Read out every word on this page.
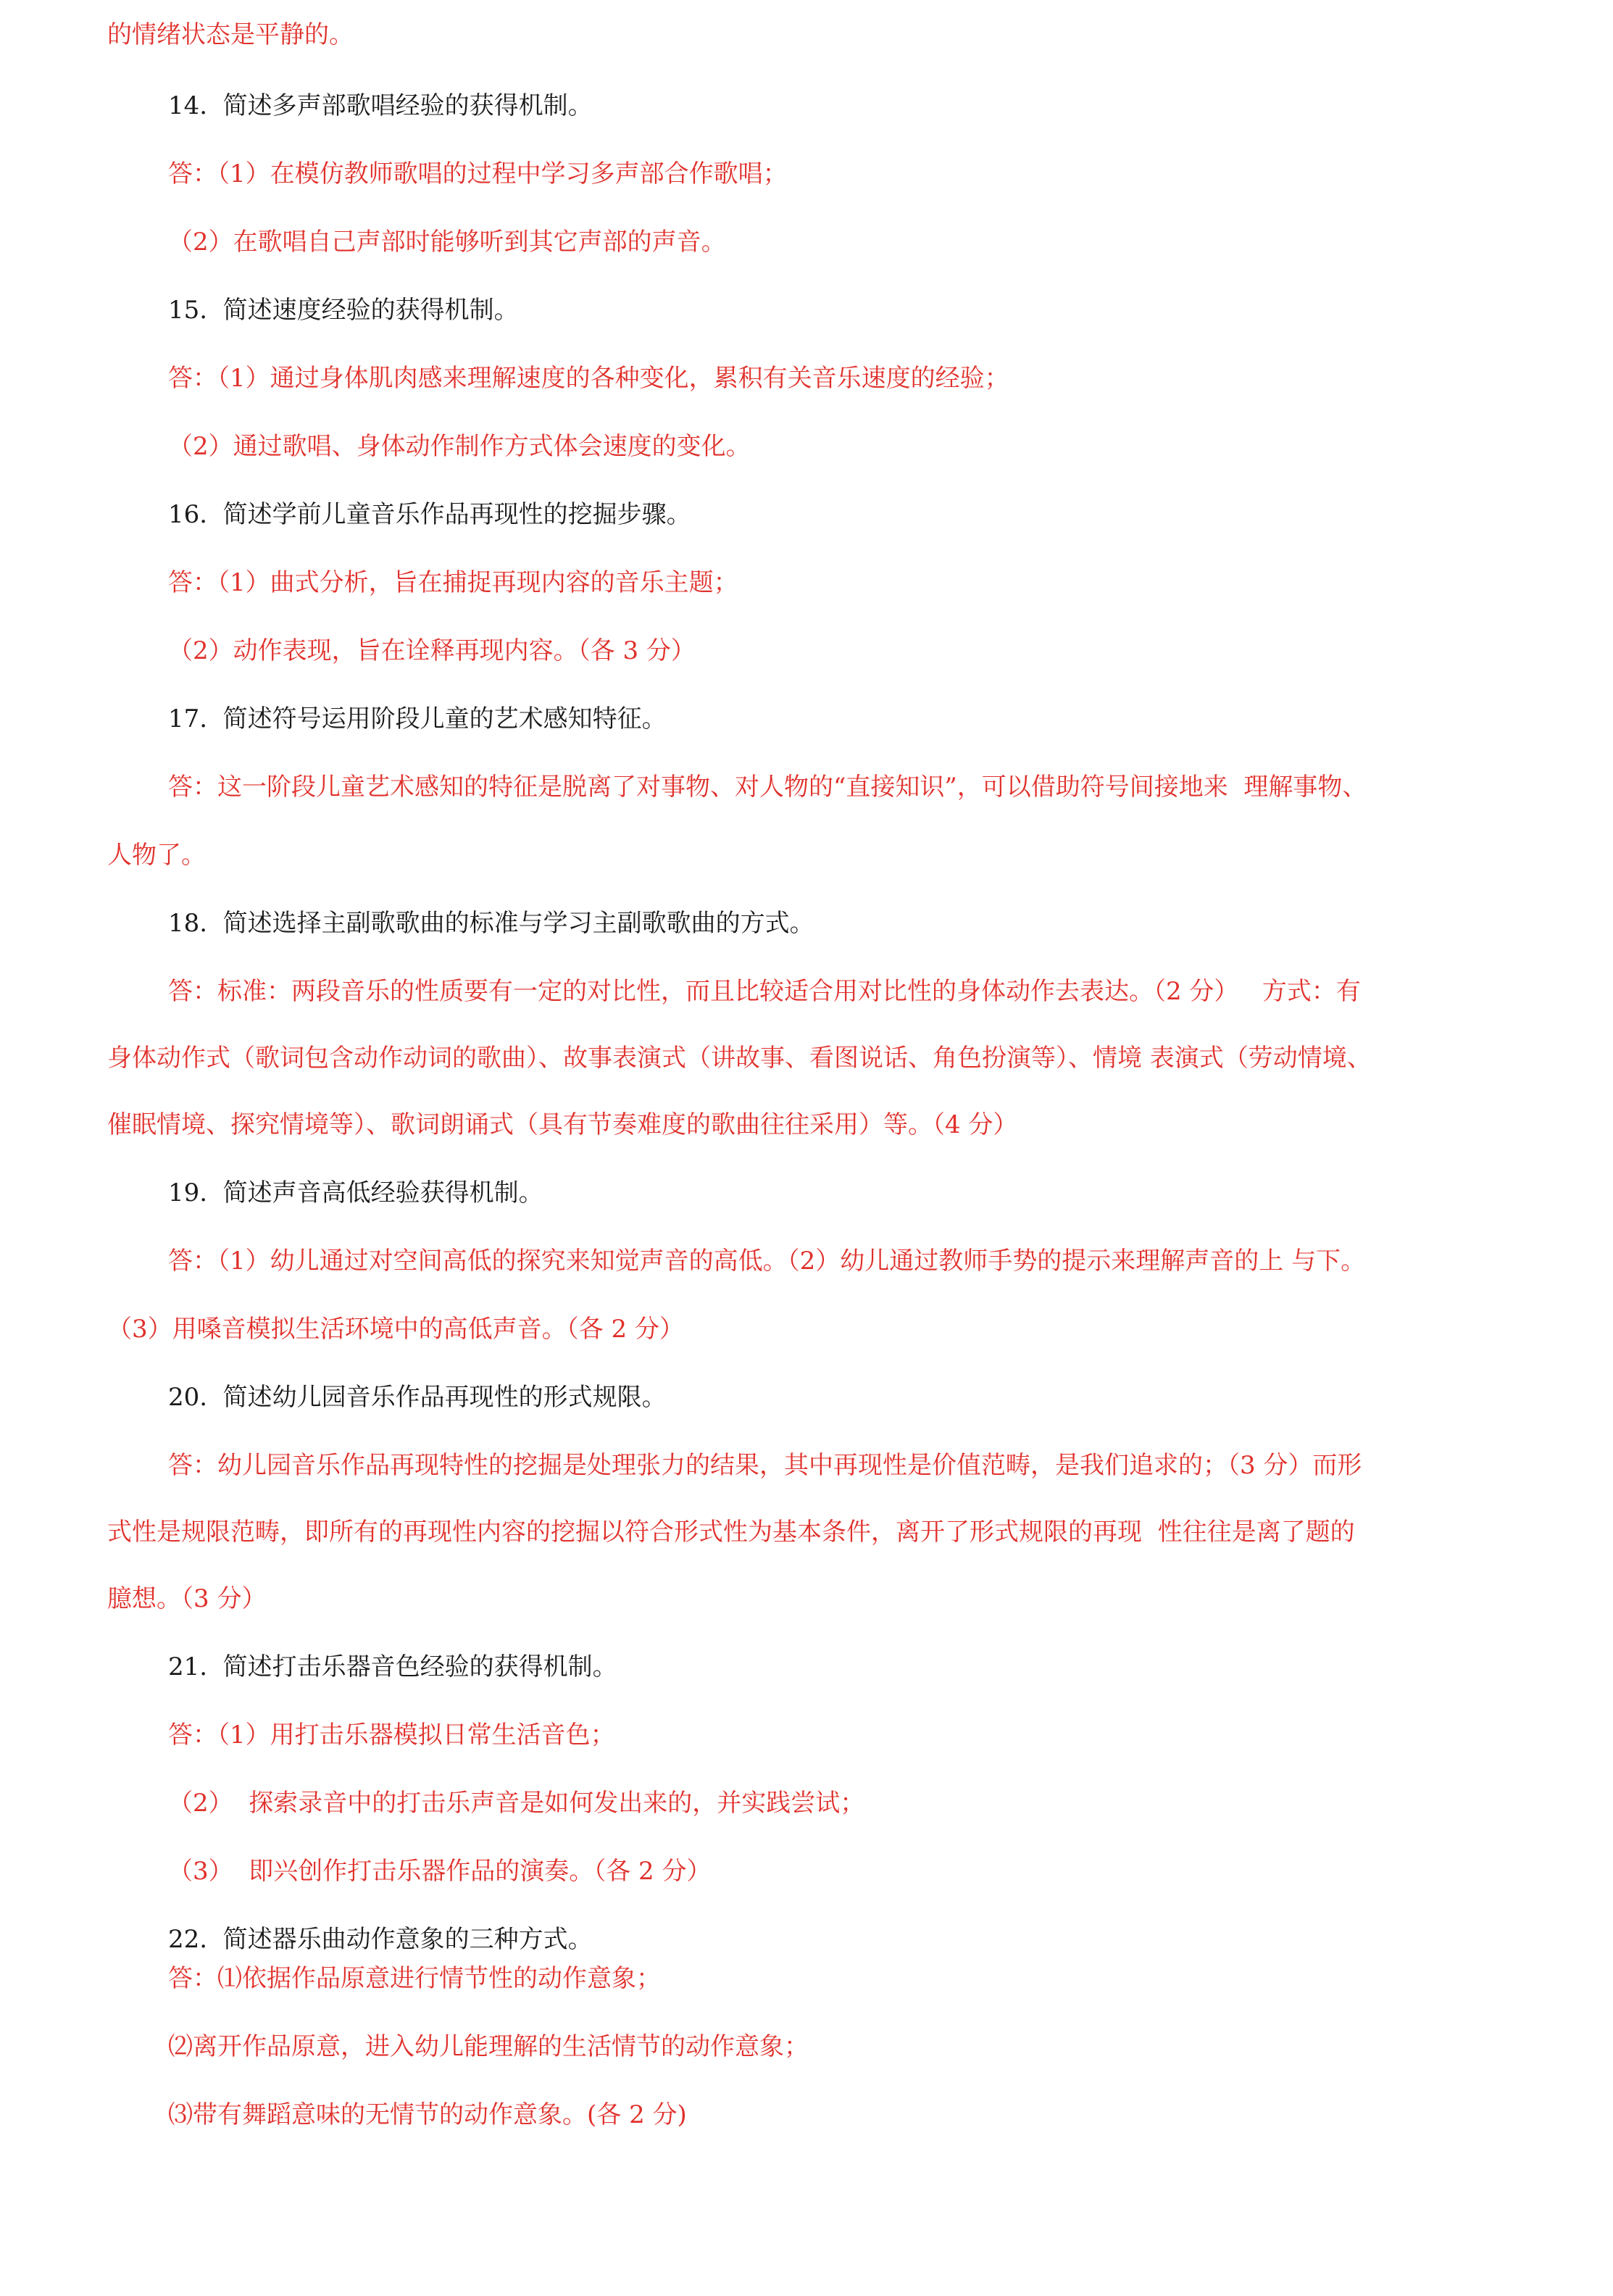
的情绪状态是平静的。

14.  简述多声部歌唱经验的获得机制。

答：（1）在模仿教师歌唱的过程中学习多声部合作歌唱；

（2）在歌唱自己声部时能够听到其它声部的声音。

15.  简述速度经验的获得机制。

答：（1）通过身体肌肉感来理解速度的各种变化，累积有关音乐速度的经验；

（2）通过歌唱、身体动作制作方式体会速度的变化。

16.  简述学前儿童音乐作品再现性的挖掘步骤。

答：（1）曲式分析，旨在捕捉再现内容的音乐主题；

（2）动作表现，旨在诠释再现内容。（各 3 分）

17.  简述符号运用阶段儿童的艺术感知特征。

答：这一阶段儿童艺术感知的特征是脱离了对事物、对人物的“直接知识”，可以借助符号间接地来  理解事物、

人物了。

18.  简述选择主副歌歌曲的标准与学习主副歌歌曲的方式。

答：标准：两段音乐的性质要有一定的对比性，而且比较适合用对比性的身体动作去表达。（2 分）   方式：有

身体动作式（歌词包含动作动词的歌曲）、故事表演式（讲故事、看图说话、角色扮演等）、情境 表演式（劳动情境、

催眠情境、探究情境等）、歌词朗诵式（具有节奏难度的歌曲往往采用）等。（4 分）

19.  简述声音高低经验获得机制。

答：（1）幼儿通过对空间高低的探究来知觉声音的高低。（2）幼儿通过教师手势的提示来理解声音的上 与下。

（3）用嗓音模拟生活环境中的高低声音。（各 2 分）

20.  简述幼儿园音乐作品再现性的形式规限。

答：幼儿园音乐作品再现特性的挖掘是处理张力的结果，其中再现性是价值范畴，是我们追求的；（3 分）而形

式性是规限范畴，即所有的再现性内容的挖掘以符合形式性为基本条件，离开了形式规限的再现  性往往是离了题的

臆想。（3 分）

21.  简述打击乐器音色经验的获得机制。

答：（1）用打击乐器模拟日常生活音色；

（2）  探索录音中的打击乐声音是如何发出来的，并实践尝试；

（3）  即兴创作打击乐器作品的演奏。（各 2 分）

22.  简述器乐曲动作意象的三种方式。

答：⑴依据作品原意进行情节性的动作意象；

⑵离开作品原意，进入幼儿能理解的生活情节的动作意象；

⑶带有舞蹈意味的无情节的动作意象。(各 2 分)
